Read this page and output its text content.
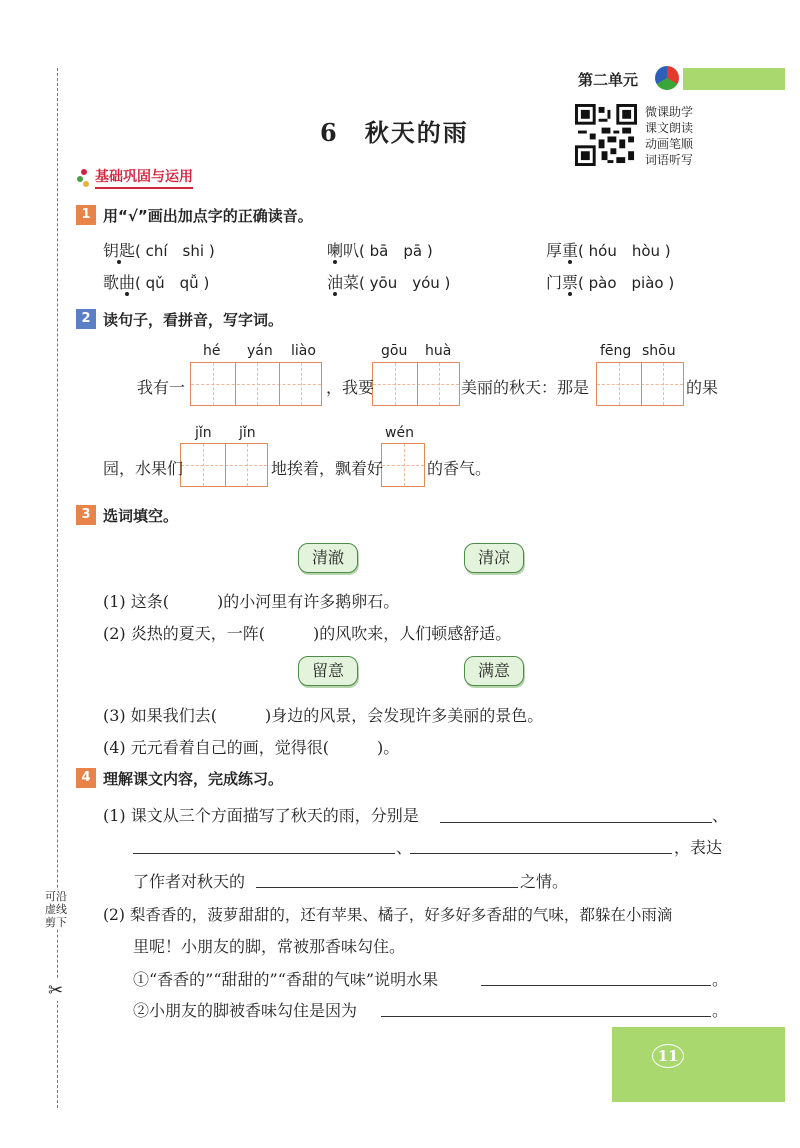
可沿虚线剪下
✂
第二单元
6　秋天的雨
微课助学
课文朗读
动画笔顺
词语听写
基础巩固与运用
1 用“√”画出加点字的正确读音。
钥匙( chí　shi )	喇叭( bā　pā )	厚重( hóu　hòu )
歌曲( qǔ　qǚ )	油菜( yōu　yóu )	门票( pào　piào )
2 读句子，看拼音，写字词。
hé yán liào	gōu huà	fēng shōu
jǐn jǐn	wén
我有一	，我要	美丽的秋天：那是	的果
园，水果们	地挨着，飘着好	的香气。
3 选词填空。
清澈	清凉
(1) 这条(　　　)的小河里有许多鹅卵石。
(2) 炎热的夏天，一阵(　　　)的风吹来，人们顿感舒适。
留意	满意
(3) 如果我们去(　　　)身边的风景，会发现许多美丽的景色。
(4) 元元看着自己的画，觉得很(　　　)。
4 理解课文内容，完成练习。
(1) 课文从三个方面描写了秋天的雨，分别是	、
、	，表达
了作者对秋天的	之情。
(2) 梨香香的，菠萝甜甜的，还有苹果、橘子，好多好多香甜的气味，都躲在小雨滴
里呢！小朋友的脚，常被那香味勾住。
①“香香的”“甜甜的”“香甜的气味”说明水果	。
②小朋友的脚被香味勾住是因为	。
11
